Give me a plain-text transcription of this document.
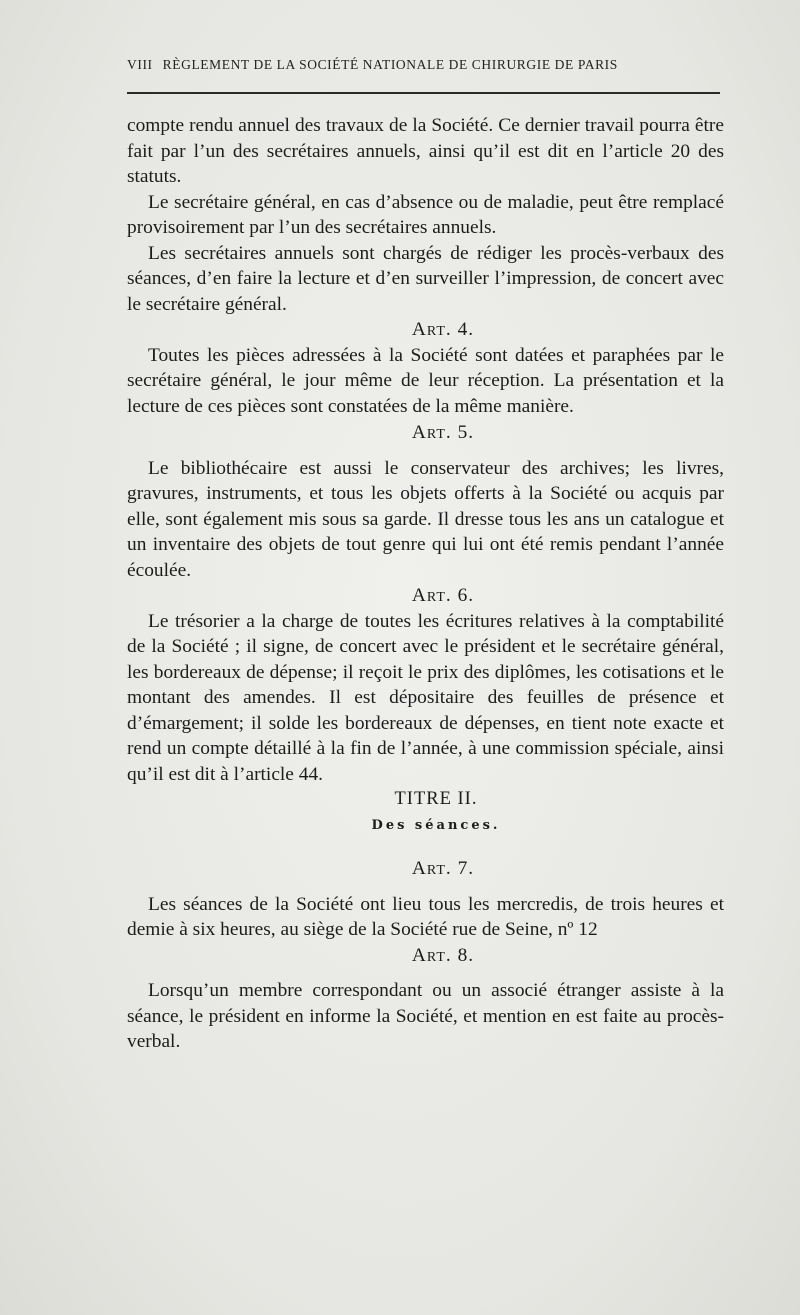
VIII RÈGLEMENT DE LA SOCIÉTÉ NATIONALE DE CHIRURGIE DE PARIS

compte rendu annuel des travaux de la Société. Ce dernier travail pourra être fait par l’un des secrétaires annuels, ainsi qu’il est dit en l’article 20 des statuts.

Le secrétaire général, en cas d’absence ou de maladie, peut être remplacé provisoirement par l’un des secrétaires annuels.

Les secrétaires annuels sont chargés de rédiger les procès-verbaux des séances, d’en faire la lecture et d’en surveiller l’impression, de concert avec le secrétaire général.

Art. 4.

Toutes les pièces adressées à la Société sont datées et paraphées par le secrétaire général, le jour même de leur réception. La présentation et la lecture de ces pièces sont constatées de la même manière.

Art. 5.

Le bibliothécaire est aussi le conservateur des archives; les livres, gravures, instruments, et tous les objets offerts à la Société ou acquis par elle, sont également mis sous sa garde. Il dresse tous les ans un catalogue et un inventaire des objets de tout genre qui lui ont été remis pendant l’année écoulée.

Art. 6.

Le trésorier a la charge de toutes les écritures relatives à la comptabilité de la Société ; il signe, de concert avec le président et le secrétaire général, les bordereaux de dépense; il reçoit le prix des diplômes, les cotisations et le montant des amendes. Il est dépositaire des feuilles de présence et d’émargement; il solde les bordereaux de dépenses, en tient note exacte et rend un compte détaillé à la fin de l’année, à une commission spéciale, ainsi qu’il est dit à l’article 44.

TITRE II.

Des séances.

Art. 7.

Les séances de la Société ont lieu tous les mercredis, de trois heures et demie à six heures, au siège de la Société rue de Seine, nº 12

Art. 8.

Lorsqu’un membre correspondant ou un associé étranger assiste à la séance, le président en informe la Société, et mention en est faite au procès-verbal.
